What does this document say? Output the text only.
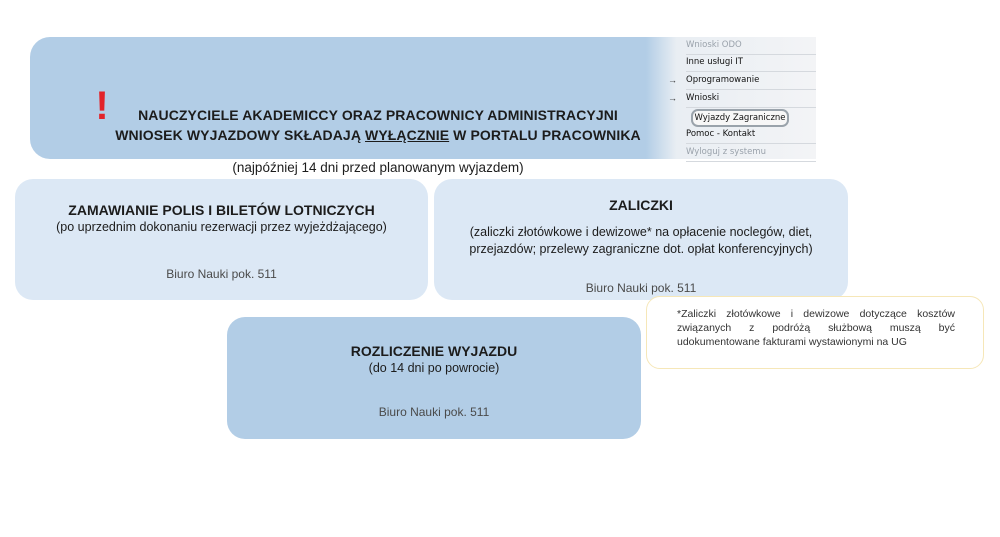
!	NAUCZYCIELE AKADEMICCY ORAZ PRACOWNICY ADMINISTRACYJNI
WNIOSEK WYJAZDOWY SKŁADAJĄ WYŁĄCZNIE W PORTALU PRACOWNIKA
(najpóźniej 14 dni przed planowanym wyjazdem)
Wnioski ODO
Inne usługi IT
→	Oprogramowanie
→	Wnioski
Wyjazdy Zagraniczne
Pomoc - Kontakt
Wyloguj z systemu
ZAMAWIANIE POLIS I BILETÓW LOTNICZYCH
(po uprzednim dokonaniu rezerwacji przez wyjeżdżającego)
Biuro Nauki pok. 511
ZALICZKI
(zaliczki złotówkowe i dewizowe* na opłacenie noclegów, diet,
przejazdów; przelewy zagraniczne dot. opłat konferencyjnych)
Biuro Nauki pok. 511
*Zaliczki złotówkowe i dewizowe dotyczące kosztów związanych z podróżą służbową muszą być udokumentowane fakturami wystawionymi na UG
ROZLICZENIE WYJAZDU
(do 14 dni po powrocie)
Biuro Nauki pok. 511
